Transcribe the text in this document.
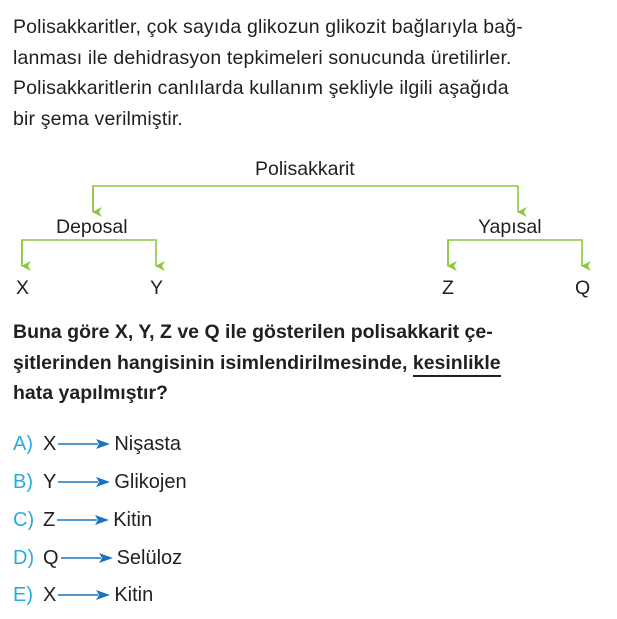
Polisakkaritler, çok sayıda glikozun glikozit bağlarıyla bağ-
lanması ile dehidrasyon tepkimeleri sonucunda üretilirler.
Polisakkaritlerin canlılarda kullanım şekliyle ilgili aşağıda
bir şema verilmiştir.
Polisakkarit
Deposal	Yapısal
X	Y	Z	Q
Buna göre X, Y, Z ve Q ile gösterilen polisakkarit çe-
şitlerinden hangisinin isimlendirilmesinde, kesinlikle
hata yapılmıştır?
A) X	Nişasta
B) Y	Glikojen
C) Z	Kitin
D) Q	Selüloz
E) X	Kitin
